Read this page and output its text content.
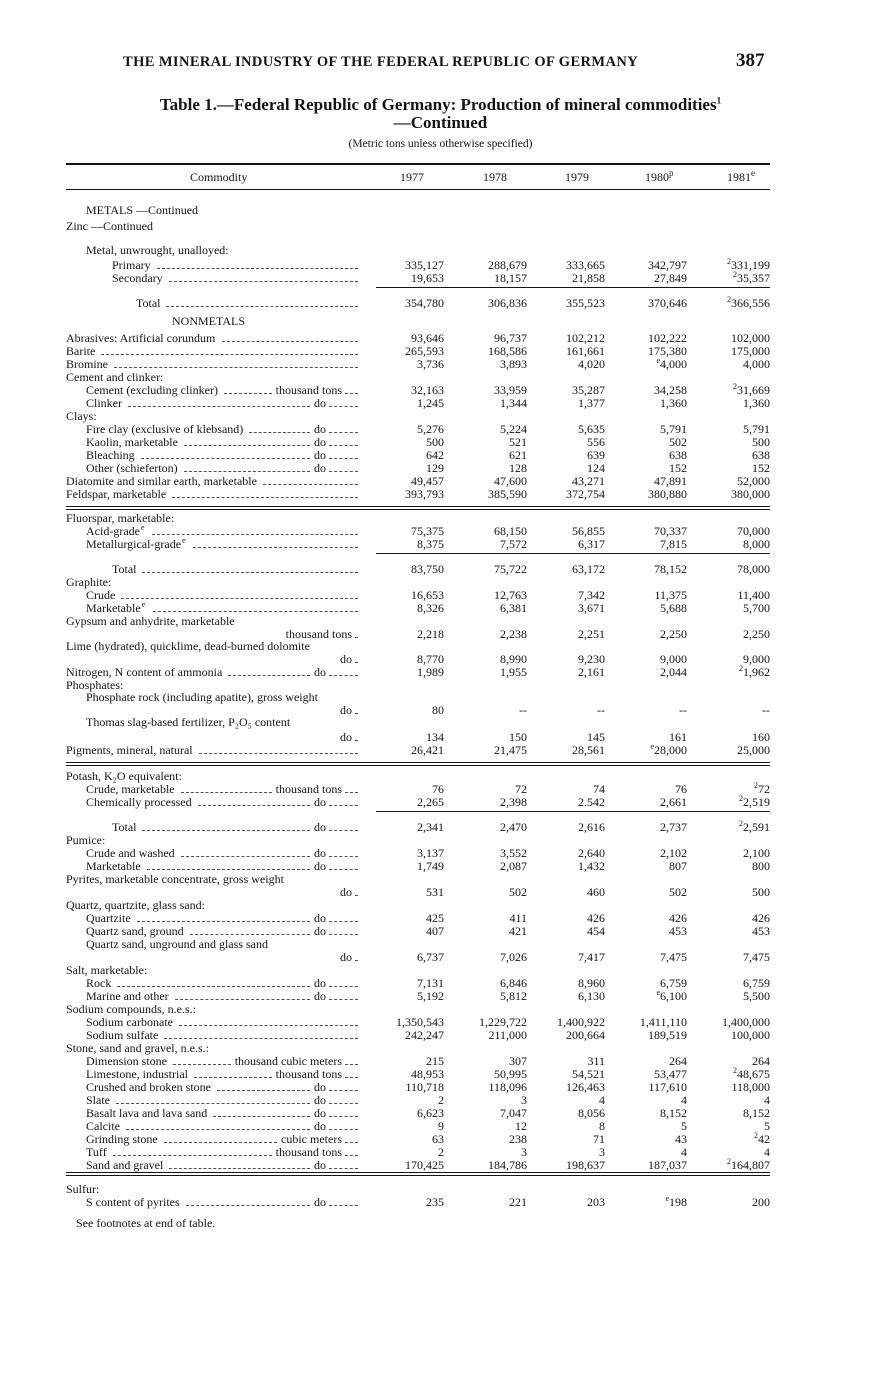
THE MINERAL INDUSTRY OF THE FEDERAL REPUBLIC OF GERMANY	387
Table 1.—Federal Republic of Germany: Production of mineral commodities$^1$
—Continued
(Metric tons unless otherwise specified)
Commodity	1977	1978	1979	1980$^p$	1981e
METALS —Continued
Zinc —Continued
Metal, unwrought, unalloyed:
Primary	335,127	288,679	333,665	342,797	$^2$331,199
Secondary	19,653	18,157	21,858	27,849	$^2$35,357
Total	354,780	306,836	355,523	370,646	$^2$366,556
NONMETALS
Abrasives: Artificial corundum	93,646	96,737	102,212	102,222	102,000
Barite	265,593	168,586	161,661	175,380	175,000
Bromine	3,736	3,893	4,020	$^e$4,000	4,000
Cement and clinker:
Cement (excluding clinker)	thousand tons	32,163	33,959	35,287	34,258	$^2$31,669
Clinker	do	1,245	1,344	1,377	1,360	1,360
Clays:
Fire clay (exclusive of klebsand)	do	5,276	5,224	5,635	5,791	5,791
Kaolin, marketable	do	500	521	556	502	500
Bleaching	do	642	621	639	638	638
Other (schieferton)	do	129	128	124	152	152
Diatomite and similar earth, marketable	49,457	47,600	43,271	47,891	52,000
Feldspar, marketable	393,793	385,590	372,754	380,880	380,000
Fluorspar, marketable:
Acid-grade e	75,375	68,150	56,855	70,337	70,000
Metallurgical-grade e	8,375	7,572	6,317	7,815	8,000
Total	83,750	75,722	63,172	78,152	78,000
Graphite:
Crude	16,653	12,763	7,342	11,375	11,400
Marketable e	8,326	6,381	3,671	5,688	5,700
Gypsum and anhydrite, marketable
thousand tons	2,218	2,238	2,251	2,250	2,250
Lime (hydrated), quicklime, dead-burned dolomite
do	8,770	8,990	9,230	9,000	9,000
Nitrogen, N content of ammonia	do	1,989	1,955	2,161	2,044	$^2$1,962
Phosphates:
Phosphate rock (including apatite), gross weight
do	80	--	--	--	--
Thomas slag-based fertilizer, P₂O₅ content
do	134	150	145	161	160
Pigments, mineral, natural	26,421	21,475	28,561	$^e$28,000	25,000
Potash, K₂O equivalent:
Crude, marketable	thousand tons	76	72	74	76	$^2$72
Chemically processed	do	2,265	2,398	2.542	2,661	$^2$2,519
Total	do	2,341	2,470	2,616	2,737	$^2$2,591
Pumice:
Crude and washed	do	3,137	3,552	2,640	2,102	2,100
Marketable	do	1,749	2,087	1,432	807	800
Pyrites, marketable concentrate, gross weight
do	531	502	460	502	500
Quartz, quartzite, glass sand:
Quartzite	do	425	411	426	426	426
Quartz sand, ground	do	407	421	454	453	453
Quartz sand, unground and glass sand
do	6,737	7,026	7,417	7,475	7,475
Salt, marketable:
Rock	do	7,131	6,846	8,960	6,759	6,759
Marine and other	do	5,192	5,812	6,130	$^e$6,100	5,500
Sodium compounds, n.e.s.:
Sodium carbonate	1,350,543	1,229,722	1,400,922	1,411,110	1,400,000
Sodium sulfate	242,247	211,000	200,664	189,519	100,000
Stone, sand and gravel, n.e.s.:
Dimension stone	thousand cubic meters	215	307	311	264	264
Limestone, industrial	thousand tons	48,953	50,995	54,521	53,477	$^2$48,675
Crushed and broken stone	do	110,718	118,096	126,463	117,610	118,000
Slate	do	2	3	4	4	4
Basalt lava and lava sand	do	6,623	7,047	8,056	8,152	8,152
Calcite	do	9	12	8	5	5
Grinding stone	cubic meters	63	238	71	43	$^2$42
Tuff	thousand tons	2	3	3	4	4
Sand and gravel	do	170,425	184,786	198,637	187,037	$^2$164,807
Sulfur:
S content of pyrites	do	235	221	203	$^e$198	200
See footnotes at end of table.
